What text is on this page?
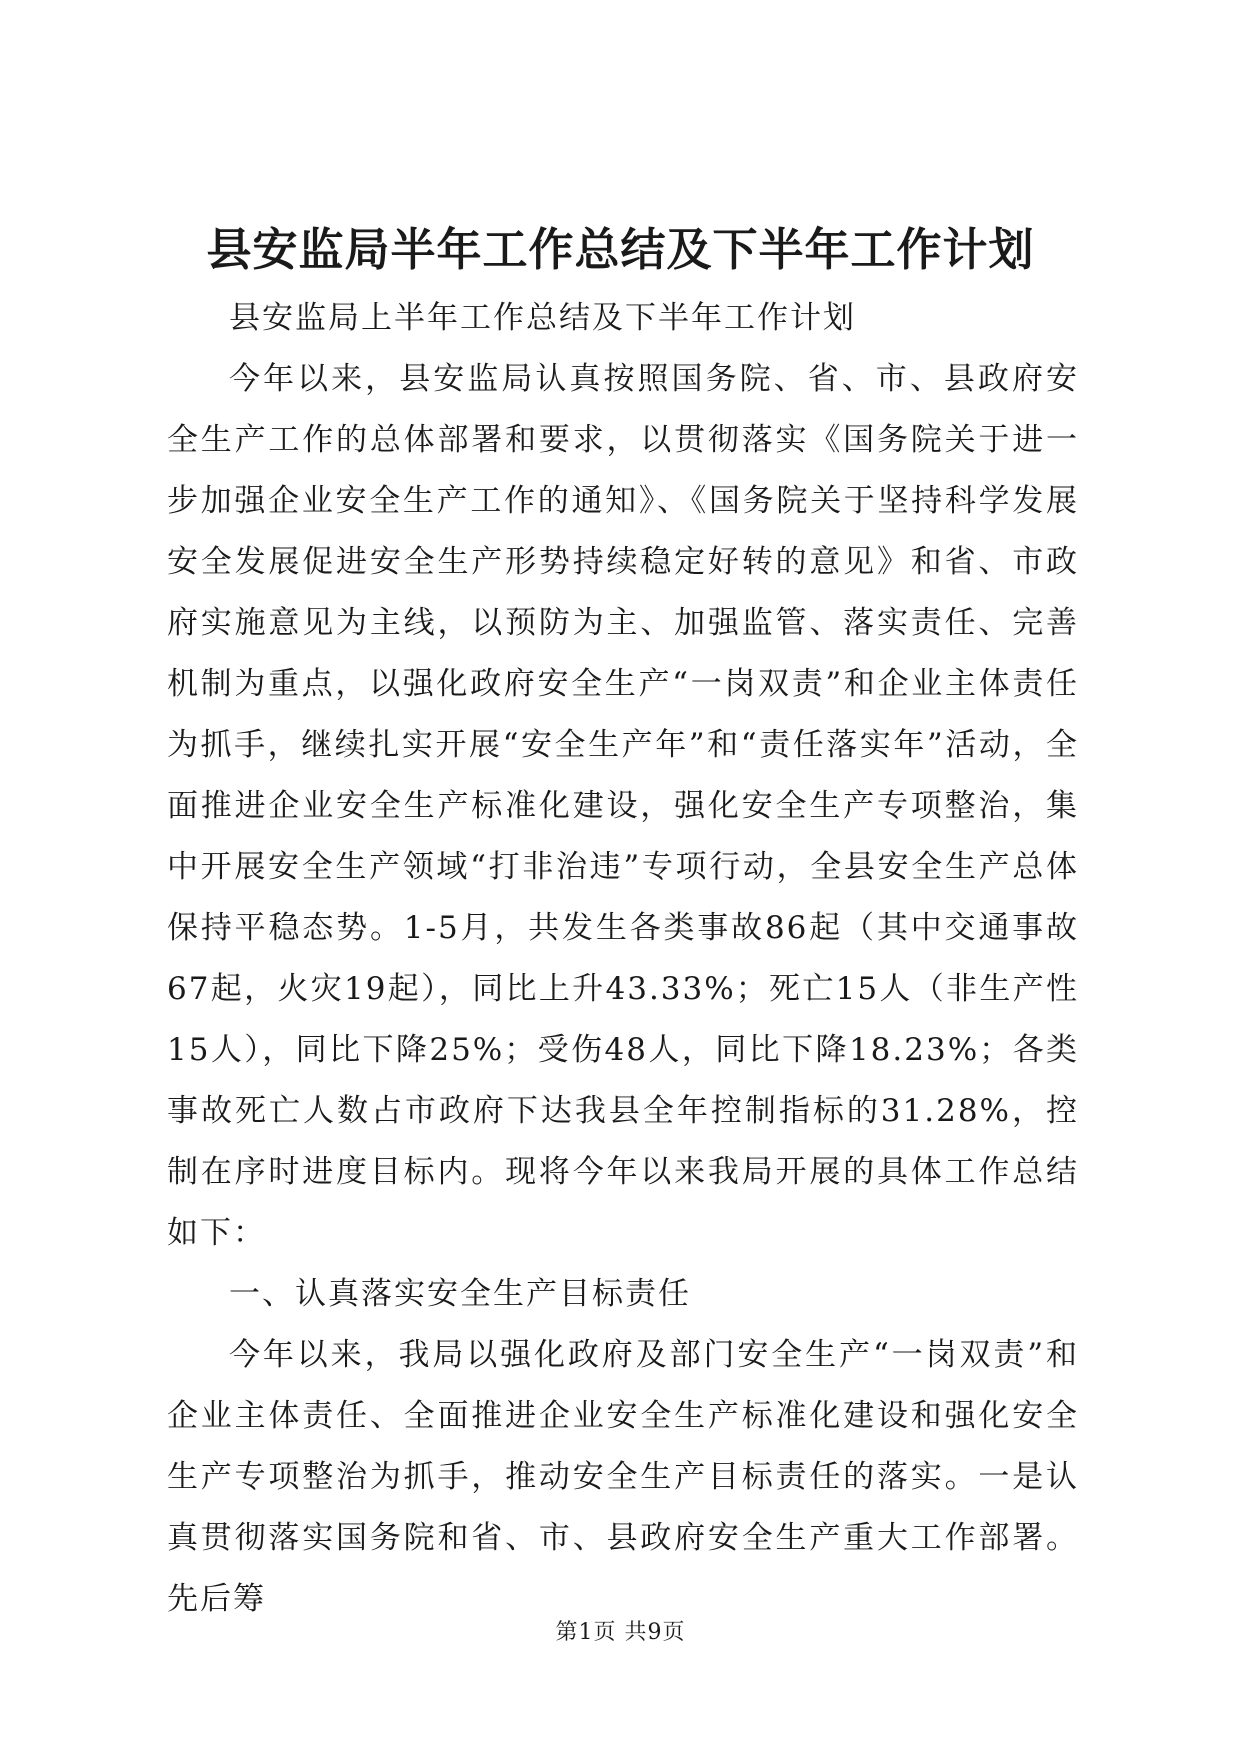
县安监局半年工作总结及下半年工作计划

县安监局上半年工作总结及下半年工作计划

今年以来，县安监局认真按照国务院、省、市、县政府安全生产工作的总体部署和要求，以贯彻落实《国务院关于进一步加强企业安全生产工作的通知》、《国务院关于坚持科学发展安全发展促进安全生产形势持续稳定好转的意见》和省、市政府实施意见为主线，以预防为主、加强监管、落实责任、完善机制为重点，以强化政府安全生产“一岗双责”和企业主体责任为抓手，继续扎实开展“安全生产年”和“责任落实年”活动，全面推进企业安全生产标准化建设，强化安全生产专项整治，集中开展安全生产领域“打非治违”专项行动，全县安全生产总体保持平稳态势。1-5月，共发生各类事故86起（其中交通事故67起，火灾19起），同比上升43.33%；死亡15人（非生产性15人），同比下降25%；受伤48人，同比下降18.23%；各类事故死亡人数占市政府下达我县全年控制指标的31.28%，控制在序时进度目标内。现将今年以来我局开展的具体工作总结如下：

一、认真落实安全生产目标责任

今年以来，我局以强化政府及部门安全生产“一岗双责”和企业主体责任、全面推进企业安全生产标准化建设和强化安全生产专项整治为抓手，推动安全生产目标责任的落实。一是认真贯彻落实国务院和省、市、县政府安全生产重大工作部署。先后筹

第1页 共9页
